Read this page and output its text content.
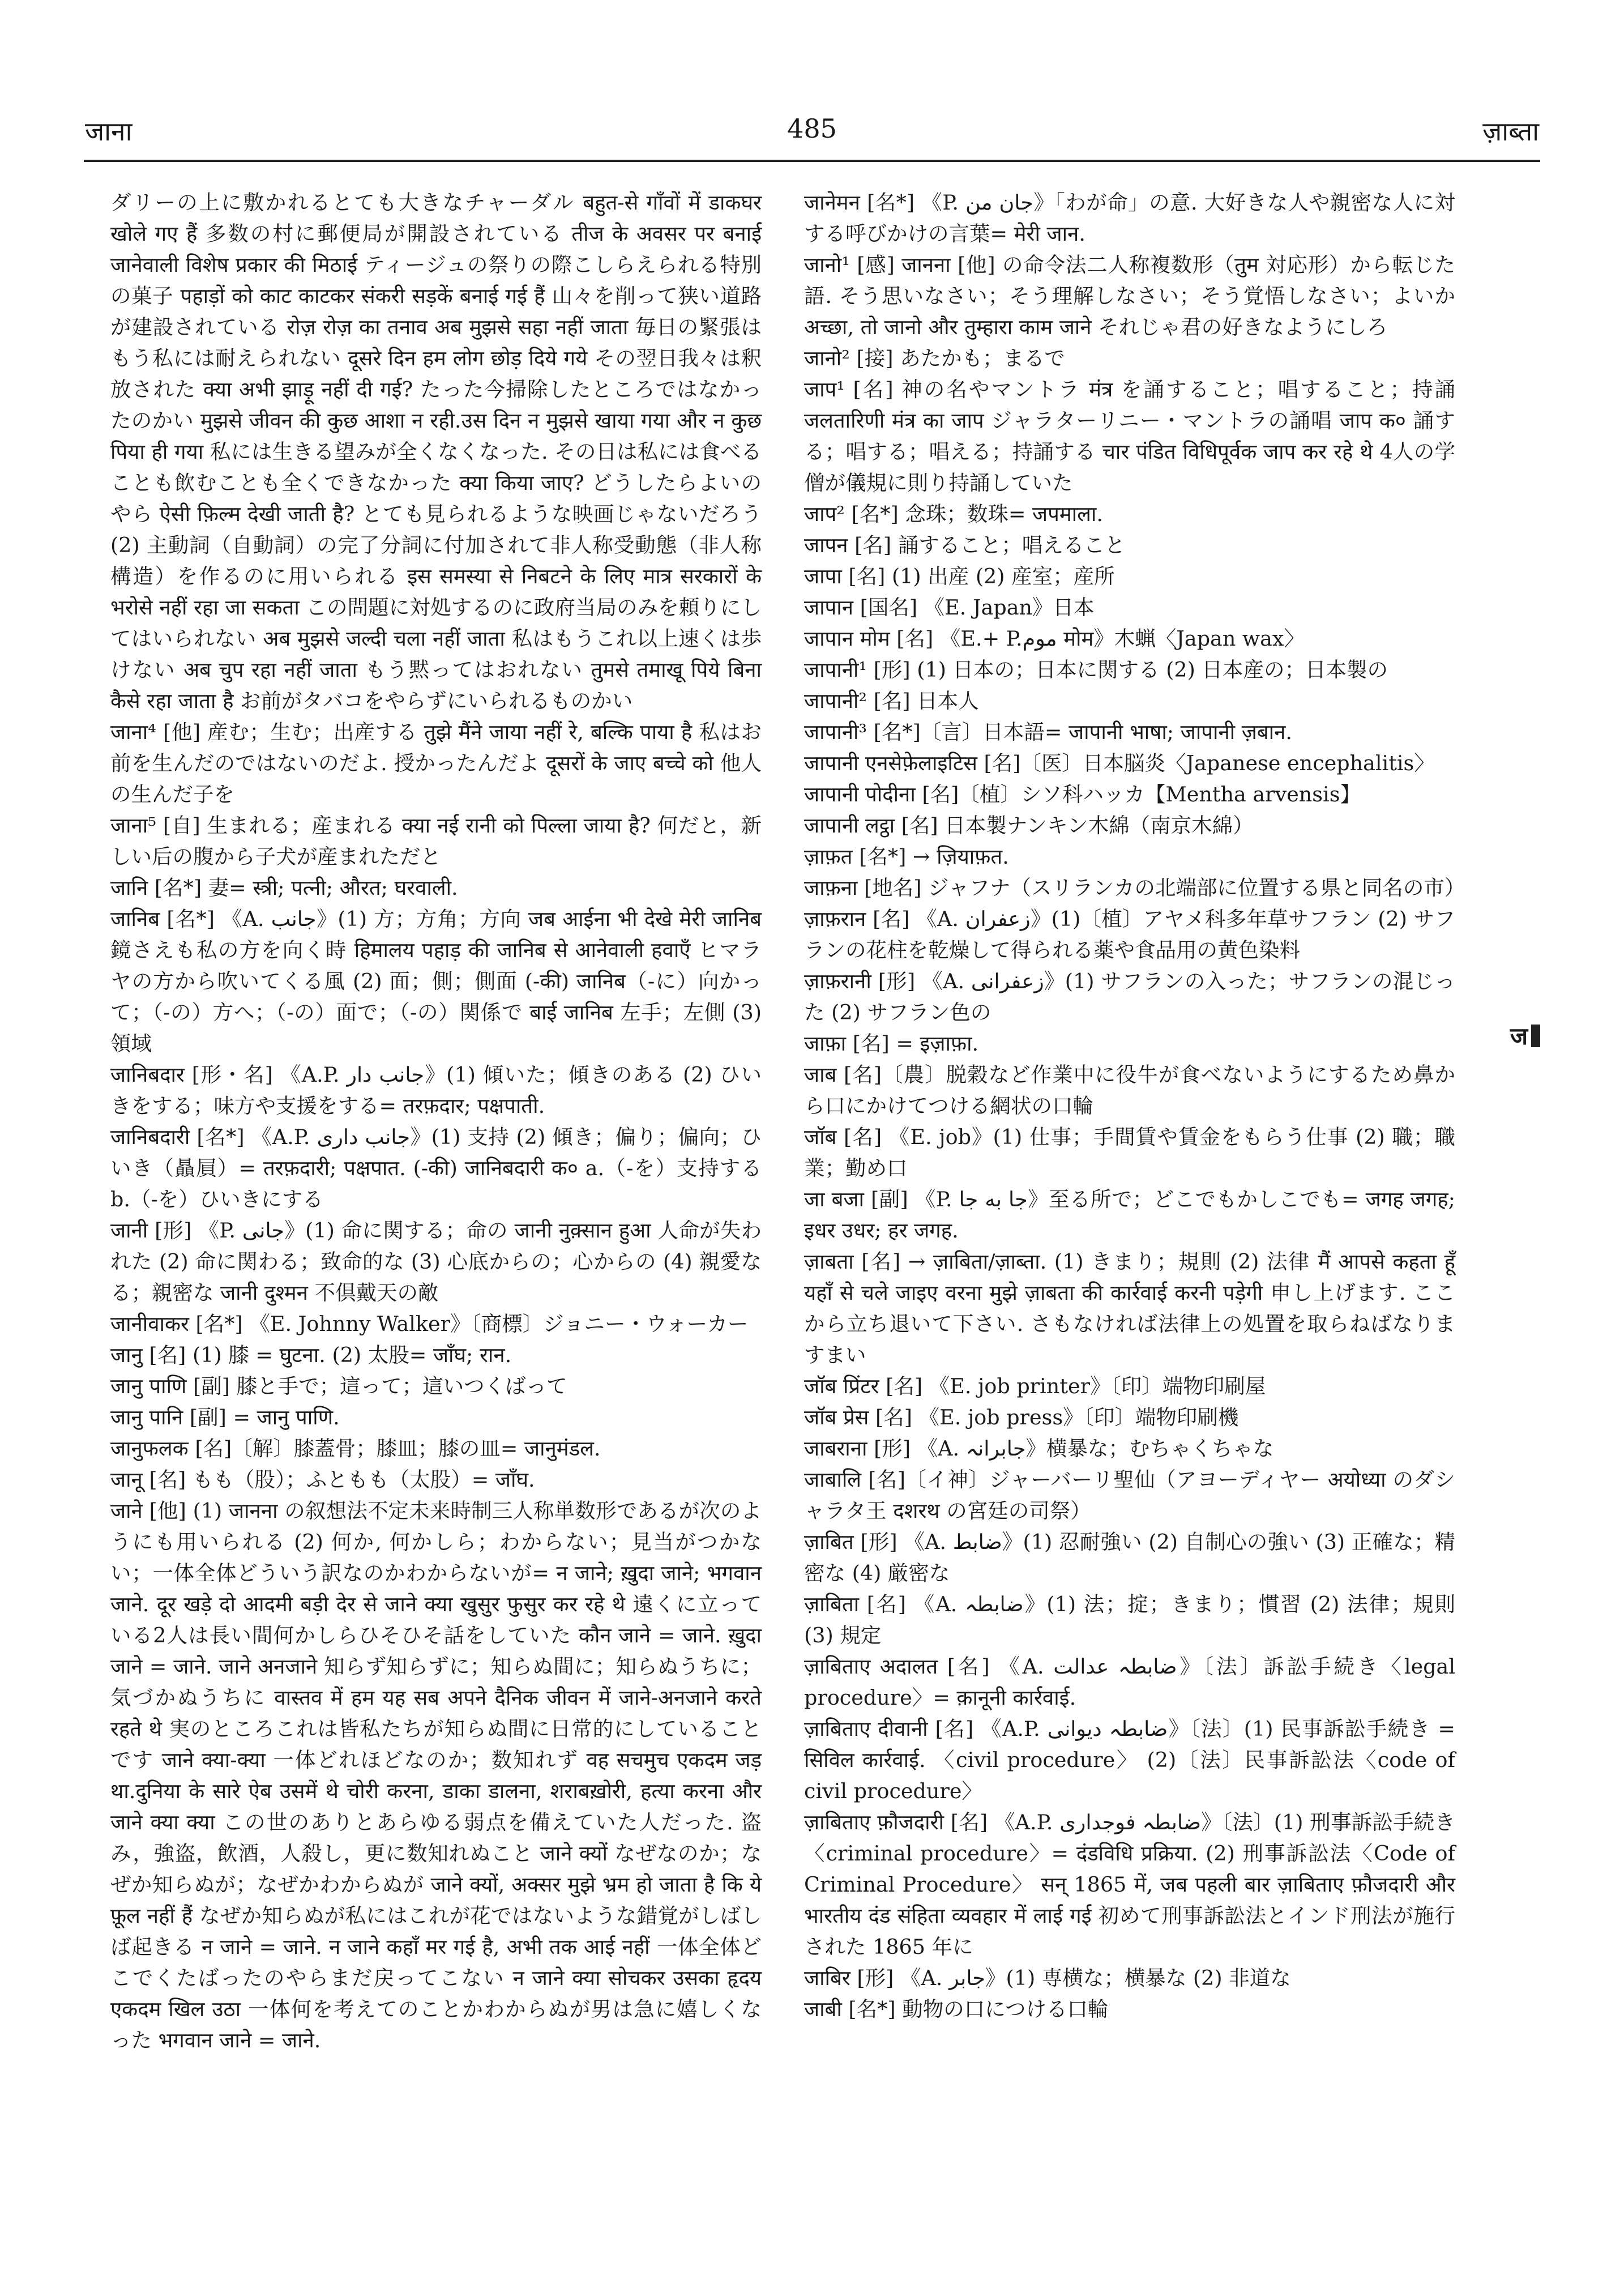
जाना	485	ज़ाब्ता

ダリーの上に敷かれるとても大きなチャーダル बहुत-से गाँवों में डाकघर खोले गए हैं 多数の村に郵便局が開設されている तीज के अवसर पर बनाई जानेवाली विशेष प्रकार की मिठाई ティージュの祭りの際こしらえられる特別の菓子 पहाड़ों को काट काटकर संकरी सड़कें बनाई गई हैं 山々を削って狭い道路が建設されている रोज़ रोज़ का तनाव अब मुझसे सहा नहीं जाता 毎日の緊張はもう私には耐えられない दूसरे दिन हम लोग छोड़ दिये गये その翌日我々は釈放された क्या अभी झाड़ू नहीं दी गई? たった今掃除したところではなかったのかい मुझसे जीवन की कुछ आशा न रही.उस दिन न मुझसे खाया गया और न कुछ पिया ही गया 私には生きる望みが全くなくなった. その日は私には食べることも飲むことも全くできなかった क्या किया जाए? どうしたらよいのやら ऐसी फ़िल्म देखी जाती है? とても見られるような映画じゃないだろう (2) 主動詞（自動詞）の完了分詞に付加されて非人称受動態（非人称構造）を作るのに用いられる इस समस्या से निबटने के लिए मात्र सरकारों के भरोसे नहीं रहा जा सकता この問題に対処するのに政府当局のみを頼りにしてはいられない अब मुझसे जल्दी चला नहीं जाता 私はもうこれ以上速くは歩けない अब चुप रहा नहीं जाता もう黙ってはおれない तुमसे तमाखू पिये बिना कैसे रहा जाता है お前がタバコをやらずにいられるものかい

जाना⁴ [他] 産む；生む；出産する तुझे मैंने जाया नहीं रे, बल्कि पाया है 私はお前を生んだのではないのだよ. 授かったんだよ दूसरों के जाए बच्चे को 他人の生んだ子を

जाना⁵ [自] 生まれる；産まれる क्या नई रानी को पिल्ला जाया है? 何だと，新しい后の腹から子犬が産まれただと

जानि [名*] 妻= स्त्री; पत्नी; औरत; घरवाली.

जानिब [名*] 《A. جانب》(1) 方；方角；方向 जब आईना भी देखे मेरी जानिब 鏡さえも私の方を向く時 हिमालय पहाड़ की जानिब से आनेवाली हवाएँ ヒマラヤの方から吹いてくる風 (2) 面；側；側面 (-की) जानिब（-に）向かって；（-の）方へ；（-の）面で；（-の）関係で बाई जानिब 左手；左側 (3) 領域

जानिबदार [形・名] 《A.P. جانب دار》(1) 傾いた；傾きのある (2) ひいきをする；味方や支援をする= तरफ़दार; पक्षपाती.

जानिबदारी [名*] 《A.P. جانب داری》(1) 支持 (2) 傾き；偏り；偏向；ひいき（贔屓）= तरफ़दारी; पक्षपात. (-की) जानिबदारी क० a.（-を）支持する b.（-を）ひいきにする

जानी [形] 《P. جانی》(1) 命に関する；命の जानी नुक़्सान हुआ 人命が失われた (2) 命に関わる；致命的な (3) 心底からの；心からの (4) 親愛なる；親密な जानी दुश्मन 不倶戴天の敵

जानीवाकर [名*] 《E. Johnny Walker》〔商標〕ジョニー・ウォーカー

जानु [名] (1) 膝 = घुटना. (2) 太股= जाँघ; रान.

जानु पाणि [副] 膝と手で；這って；這いつくばって

जानु पानि [副] = जानु पाणि.

जानुफलक [名]〔解〕膝蓋骨；膝皿；膝の皿= जानुमंडल.

जानू [名] もも（股）；ふともも（太股）= जाँघ.

जाने [他] (1) जानना の叙想法不定未来時制三人称単数形であるが次のようにも用いられる (2) 何か, 何かしら；わからない；見当がつかない；一体全体どういう訳なのかわからないが= न जाने; ख़ुदा जाने; भगवान जाने. दूर खड़े दो आदमी बड़ी देर से जाने क्या खुसुर फुसुर कर रहे थे 遠くに立っている2人は長い間何かしらひそひそ話をしていた कौन जाने = जाने. ख़ुदा जाने = जाने. जाने अनजाने 知らず知らずに；知らぬ間に；知らぬうちに；気づかぬうちに वास्तव में हम यह सब अपने दैनिक जीवन में जाने-अनजाने करते रहते थे 実のところこれは皆私たちが知らぬ間に日常的にしていることです जाने क्या-क्या 一体どれほどなのか；数知れず वह सचमुच एकदम जड़ था.दुनिया के सारे ऐब उसमें थे चोरी करना, डाका डालना, शराबख़ोरी, हत्या करना और जाने क्या क्या この世のありとあらゆる弱点を備えていた人だった. 盗み，強盗，飲酒，人殺し，更に数知れぬこと जाने क्यों なぜなのか；なぜか知らぬが；なぜかわからぬが जाने क्यों, अक्सर मुझे भ्रम हो जाता है कि ये फ़ूल नहीं हैं なぜか知らぬが私にはこれが花ではないような錯覚がしばしば起きる न जाने = जाने. न जाने कहाँ मर गई है, अभी तक आई नहीं 一体全体どこでくたばったのやらまだ戻ってこない न जाने क्या सोचकर उसका हृदय एकदम खिल उठा 一体何を考えてのことかわからぬが男は急に嬉しくなった भगवान जाने = जाने.

जानेमन [名*] 《P. جان من》「わが命」の意. 大好きな人や親密な人に対する呼びかけの言葉= मेरी जान.

जानो¹ [感] जानना [他] の命令法二人称複数形（तुम 対応形）から転じた語. そう思いなさい；そう理解しなさい；そう覚悟しなさい；よいか अच्छा, तो जानो और तुम्हारा काम जाने それじゃ君の好きなようにしろ

जानो² [接] あたかも；まるで

जाप¹ [名] 神の名やマントラ मंत्र を誦すること；唱すること；持誦 जलतारिणी मंत्र का जाप ジャラターリニー・マントラの誦唱 जाप क० 誦する；唱する；唱える；持誦する चार पंडित विधिपूर्वक जाप कर रहे थे 4人の学僧が儀規に則り持誦していた

जाप² [名*] 念珠；数珠= जपमाला.

जापन [名] 誦すること；唱えること

जापा [名] (1) 出産 (2) 産室；産所

जापान [国名] 《E. Japan》日本

जापान मोम [名] 《E.+ P.موم मोम》木蝋〈Japan wax〉

जापानी¹ [形] (1) 日本の；日本に関する (2) 日本産の；日本製の

जापानी² [名] 日本人

जापानी³ [名*]〔言〕日本語= जापानी भाषा; जापानी ज़बान.

जापानी एनसेफ़ेलाइटिस [名]〔医〕日本脳炎〈Japanese encephalitis〉

जापानी पोदीना [名]〔植〕シソ科ハッカ【Mentha arvensis】

जापानी लट्ठा [名] 日本製ナンキン木綿（南京木綿）

ज़ाफ़त [名*] → ज़ियाफ़त.

जाफ़ना [地名] ジャフナ（スリランカの北端部に位置する県と同名の市）

ज़ाफ़रान [名] 《A. زعفران》(1)〔植〕アヤメ科多年草サフラン (2) サフランの花柱を乾燥して得られる薬や食品用の黄色染料

ज़ाफ़रानी [形] 《A. زعفرانی》(1) サフランの入った；サフランの混じった (2) サフラン色の

जाफ़ा [名] = इज़ाफ़ा.

जाब [名]〔農〕脱穀など作業中に役牛が食べないようにするため鼻から口にかけてつける網状の口輪

जॉब [名] 《E. job》(1) 仕事；手間賃や賃金をもらう仕事 (2) 職；職業；勤め口

जा बजा [副] 《P. جا به جا》至る所で；どこでもかしこでも= जगह जगह; इधर उधर; हर जगह.

ज़ाबता [名] → ज़ाबिता/ज़ाब्ता. (1) きまり；規則 (2) 法律 मैं आपसे कहता हूँ यहाँ से चले जाइए वरना मुझे ज़ाबता की कार्रवाई करनी पड़ेगी 申し上げます. ここから立ち退いて下さい. さもなければ法律上の処置を取らねばなりますまい

जॉब प्रिंटर [名] 《E. job printer》〔印〕端物印刷屋

जॉब प्रेस [名] 《E. job press》〔印〕端物印刷機

जाबराना [形] 《A. جابرانہ》横暴な；むちゃくちゃな

जाबालि [名]〔イ神〕ジャーバーリ聖仙（アヨーディヤー अयोध्या のダシャラタ王 दशरथ の宮廷の司祭）

ज़ाबित [形] 《A. ضابط》(1) 忍耐強い (2) 自制心の強い (3) 正確な；精密な (4) 厳密な

ज़ाबिता [名] 《A. ضابطہ》(1) 法；掟；きまり；慣習 (2) 法律；規則 (3) 規定

ज़ाबिताए अदालत [名] 《A. ضابطہ عدالت》〔法〕訴訟手続き〈legal procedure〉= क़ानूनी कार्रवाई.

ज़ाबिताए दीवानी [名] 《A.P. ضابطہ دیوانی》〔法〕(1) 民事訴訟手続き = सिविल कार्रवाई. 〈civil procedure〉 (2)〔法〕民事訴訟法〈code of civil procedure〉

ज़ाबिताए फ़ौजदारी [名] 《A.P. ضابطہ فوجداری》〔法〕(1) 刑事訴訟手続き〈criminal procedure〉= दंडविधि प्रक्रिया. (2) 刑事訴訟法〈Code of Criminal Procedure〉 सन् 1865 में, जब पहली बार ज़ाबिताए फ़ौजदारी और भारतीय दंड संहिता व्यवहार में लाई गई 初めて刑事訴訟法とインド刑法が施行された 1865 年に

जाबिर [形] 《A. جابر》(1) 専横な；横暴な (2) 非道な

जाबी [名*] 動物の口につける口輪

ज
